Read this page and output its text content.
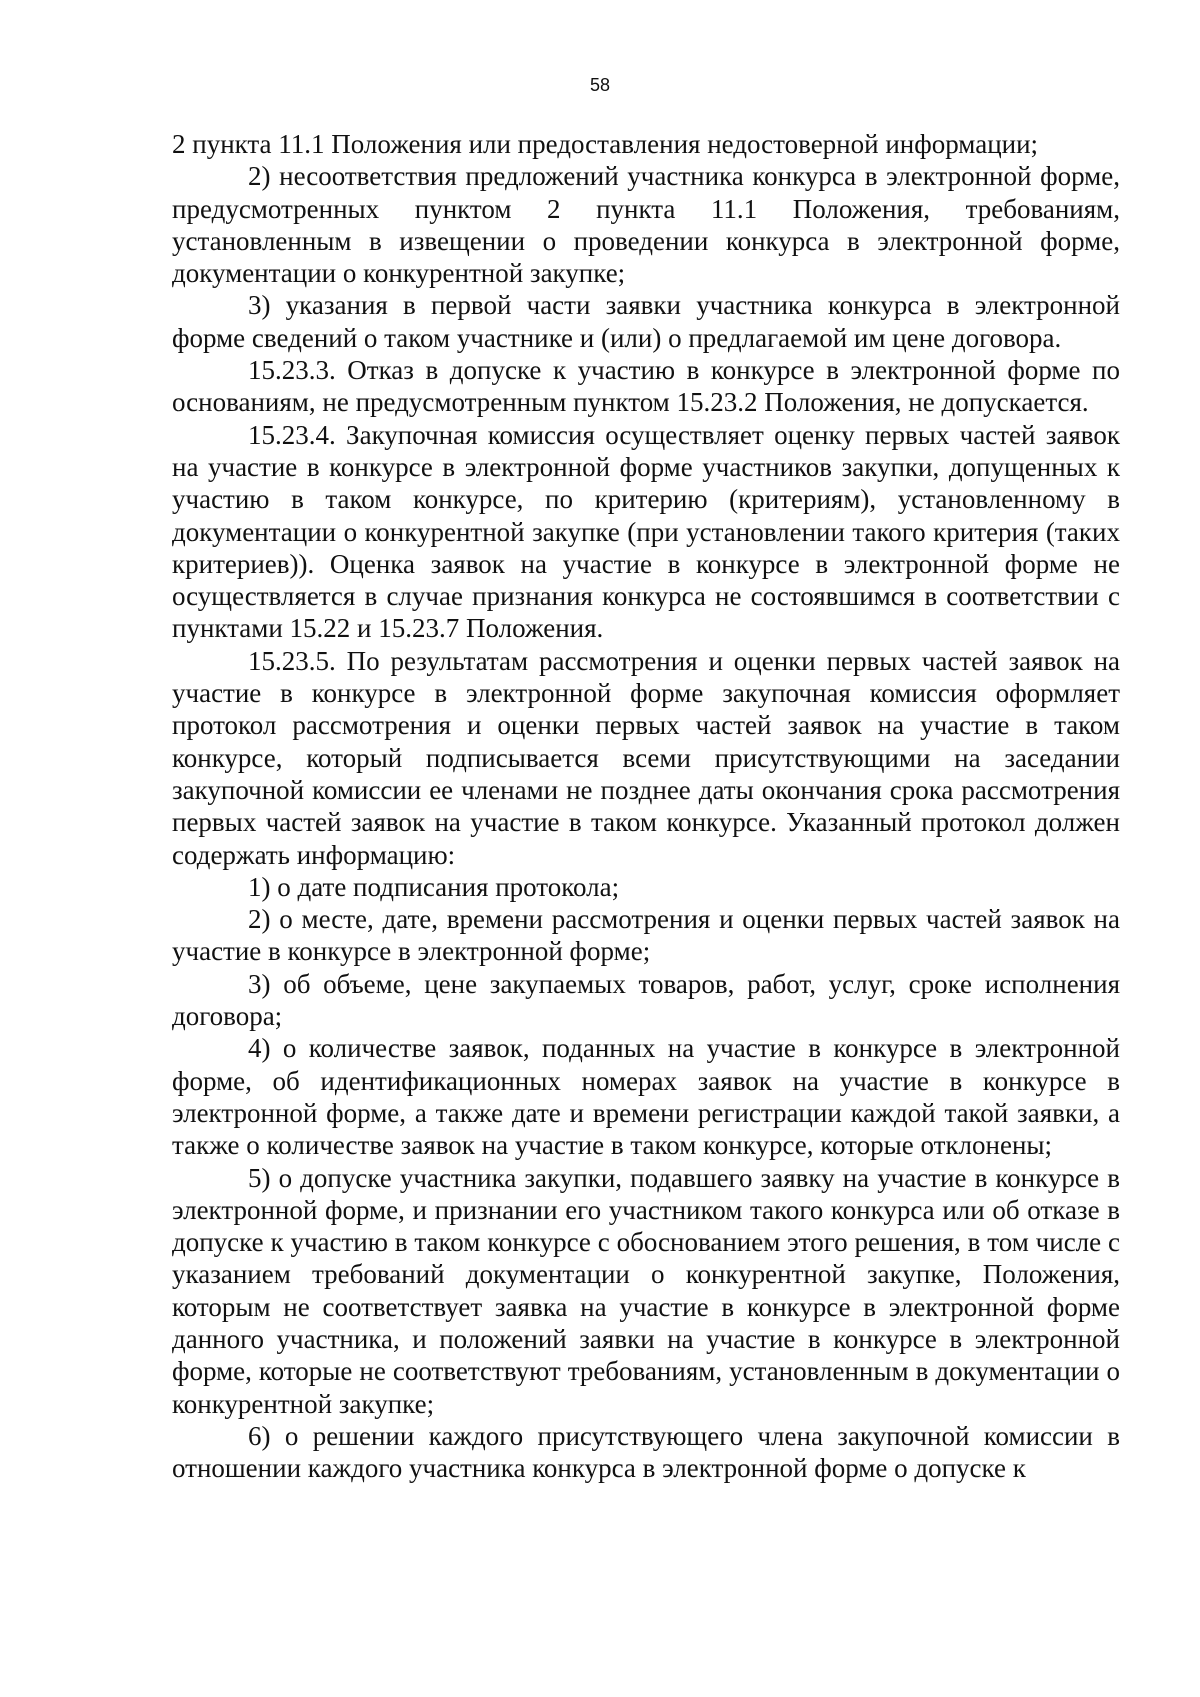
58

2 пункта 11.1 Положения или предоставления недостоверной информации;

2) несоответствия предложений участника конкурса в электронной форме, предусмотренных пунктом 2 пункта 11.1 Положения, требованиям, установленным в извещении о проведении конкурса в электронной форме, документации о конкурентной закупке;

3) указания в первой части заявки участника конкурса в электронной форме сведений о таком участнике и (или) о предлагаемой им цене договора.

15.23.3. Отказ в допуске к участию в конкурсе в электронной форме по основаниям, не предусмотренным пунктом 15.23.2 Положения, не допускается.

15.23.4. Закупочная комиссия осуществляет оценку первых частей заявок на участие в конкурсе в электронной форме участников закупки, допущенных к участию в таком конкурсе, по критерию (критериям), установленному в документации о конкурентной закупке (при установлении такого критерия (таких критериев)). Оценка заявок на участие в конкурсе в электронной форме не осуществляется в случае признания конкурса не состоявшимся в соответствии с пунктами 15.22 и 15.23.7 Положения.

15.23.5. По результатам рассмотрения и оценки первых частей заявок на участие в конкурсе в электронной форме закупочная комиссия оформляет протокол рассмотрения и оценки первых частей заявок на участие в таком конкурсе, который подписывается всеми присутствующими на заседании закупочной комиссии ее членами не позднее даты окончания срока рассмотрения первых частей заявок на участие в таком конкурсе. Указанный протокол должен содержать информацию:

1) о дате подписания протокола;

2) о месте, дате, времени рассмотрения и оценки первых частей заявок на участие в конкурсе в электронной форме;

3) об объеме, цене закупаемых товаров, работ, услуг, сроке исполнения договора;

4) о количестве заявок, поданных на участие в конкурсе в электронной форме, об идентификационных номерах заявок на участие в конкурсе в электронной форме, а также дате и времени регистрации каждой такой заявки, а также о количестве заявок на участие в таком конкурсе, которые отклонены;

5) о допуске участника закупки, подавшего заявку на участие в конкурсе в электронной форме, и признании его участником такого конкурса или об отказе в допуске к участию в таком конкурсе с обоснованием этого решения, в том числе с указанием требований документации о конкурентной закупке, Положения, которым не соответствует заявка на участие в конкурсе в электронной форме данного участника, и положений заявки на участие в конкурсе в электронной форме, которые не соответствуют требованиям, установленным в документации о конкурентной закупке;

6) о решении каждого присутствующего члена закупочной комиссии в отношении каждого участника конкурса в электронной форме о допуске к
